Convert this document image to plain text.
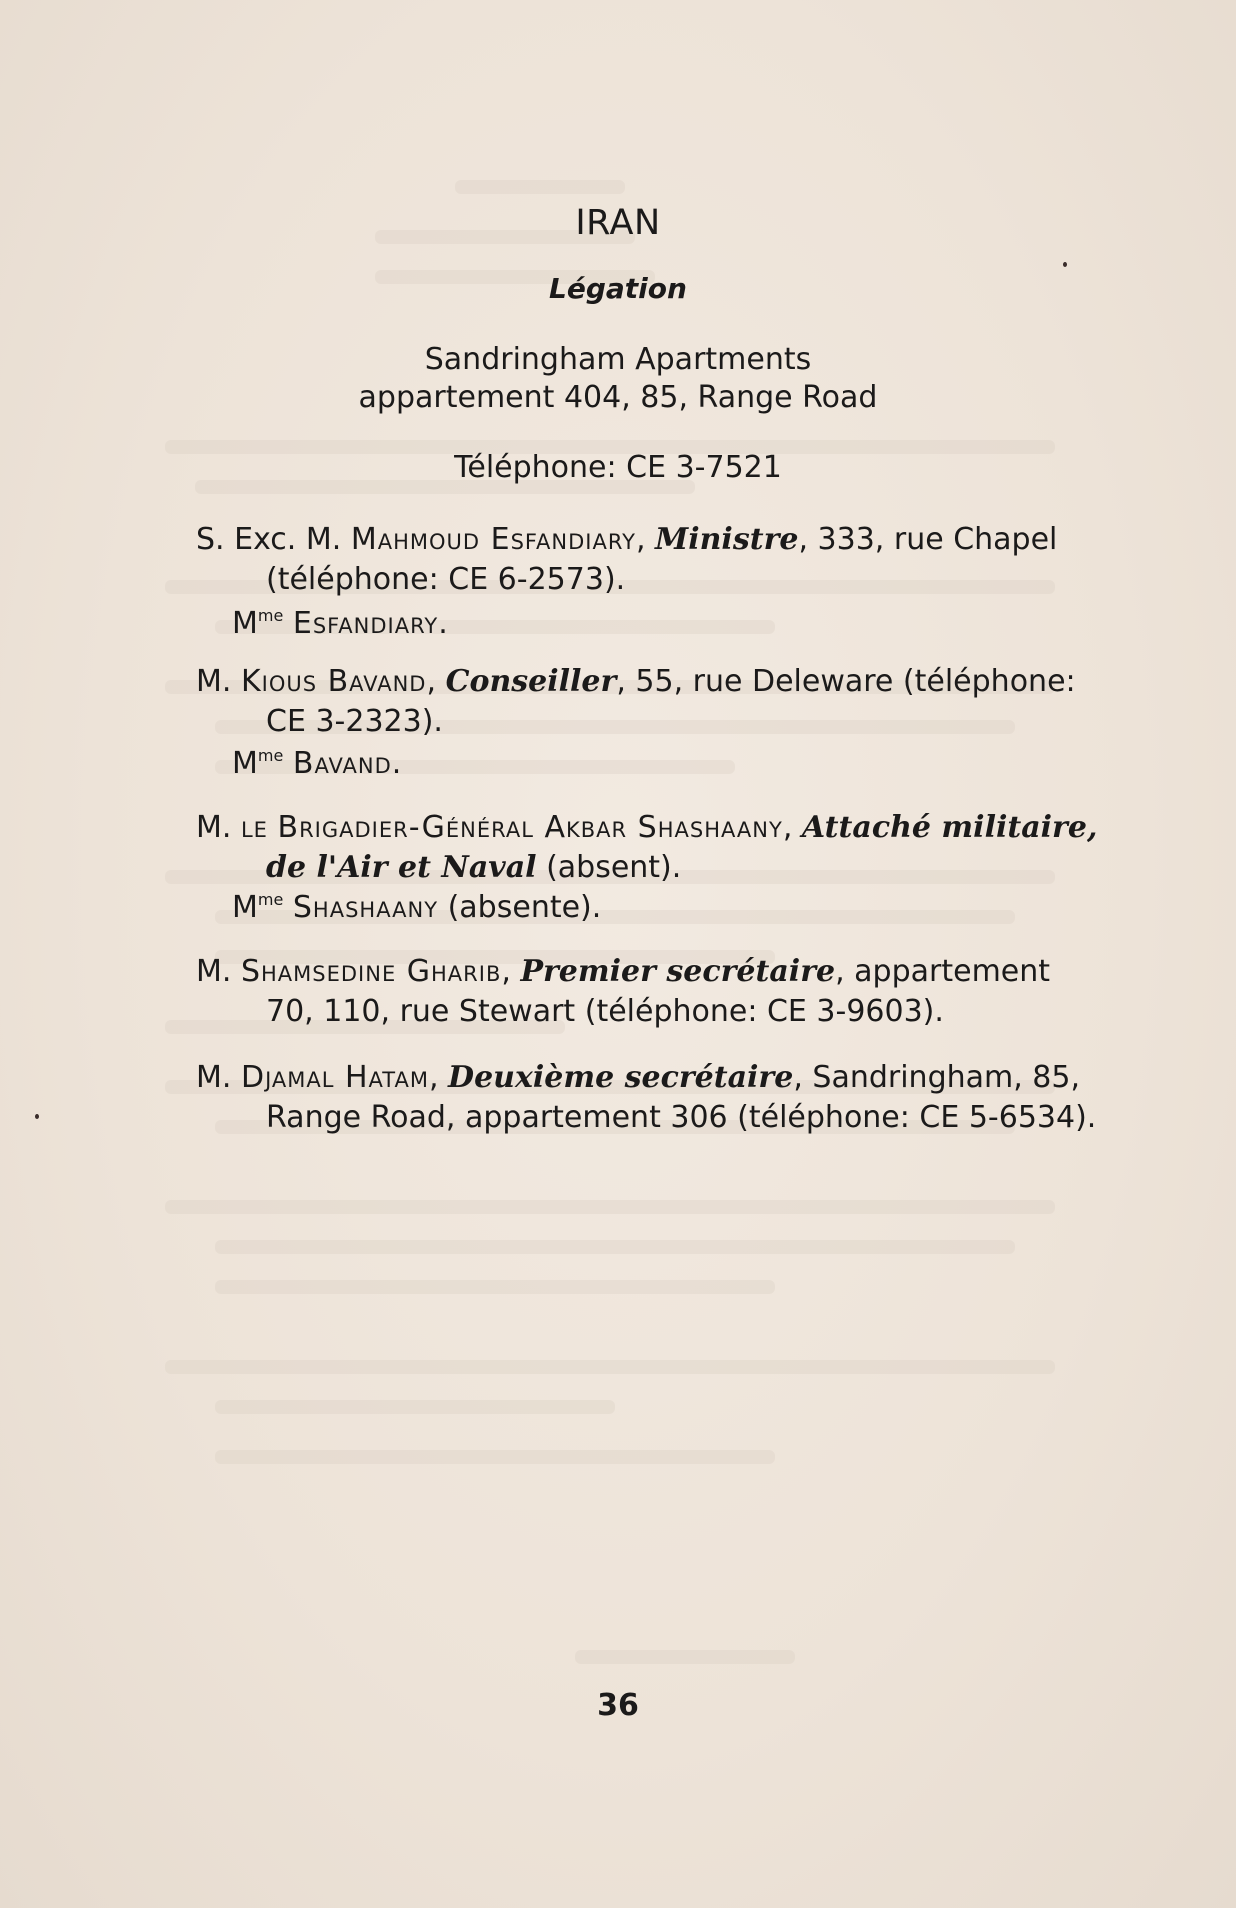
IRAN
Légation
Sandringham Apartments
appartement 404, 85, Range Road
Téléphone: CE 3-7521
S. Exc. M. Mahmoud Esfandiary, Ministre, 333, rue Chapel (téléphone: CE 6-2573).
$M^{me}$ Esfandiary.
M. Kious Bavand, Conseiller, 55, rue Deleware (téléphone: CE 3-2323).
$M^{me}$ Bavand.
M. le Brigadier-Général Akbar Shashaany, Attaché militaire, de l'Air et Naval (absent).
$M^{me}$ Shashaany (absente).
M. Shamsedine Gharib, Premier secrétaire, appartement 70, 110, rue Stewart (téléphone: CE 3-9603).
M. Djamal Hatam, Deuxième secrétaire, Sandringham, 85, Range Road, appartement 306 (téléphone: CE 5-6534).
36
